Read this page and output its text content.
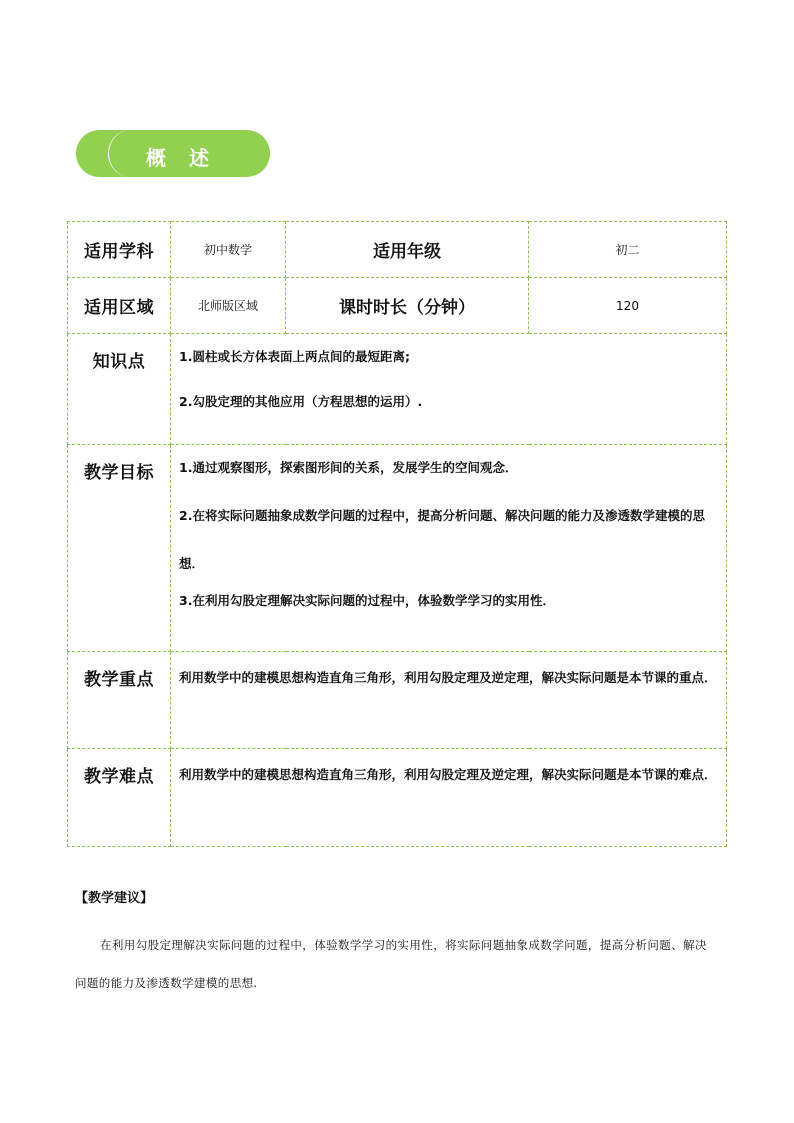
概 述
适用学科	初中数学	适用年级	初二
适用区域	北师版区域	课时时长（分钟）	120
知识点	1.圆柱或长方体表面上两点间的最短距离;

2.勾股定理的其他应用（方程思想的运用）.		

教学目标	1.通过观察图形，探索图形间的关系，发展学生的空间观念．

2.在将实际问题抽象成数学问题的过程中，提高分析问题、解决问题的能力及渗透数学建模的思想．

3.在利用勾股定理解决实际问题的过程中，体验数学学习的实用性．		

教学重点	利用数学中的建模思想构造直角三角形，利用勾股定理及逆定理，解决实际问题是本节课的重点．		

教学难点	利用数学中的建模思想构造直角三角形，利用勾股定理及逆定理，解决实际问题是本节课的难点．		
【教学建议】
在利用勾股定理解决实际问题的过程中，体验数学学习的实用性，将实际问题抽象成数学问题，提高分析问题、解决问题的能力及渗透数学建模的思想.
